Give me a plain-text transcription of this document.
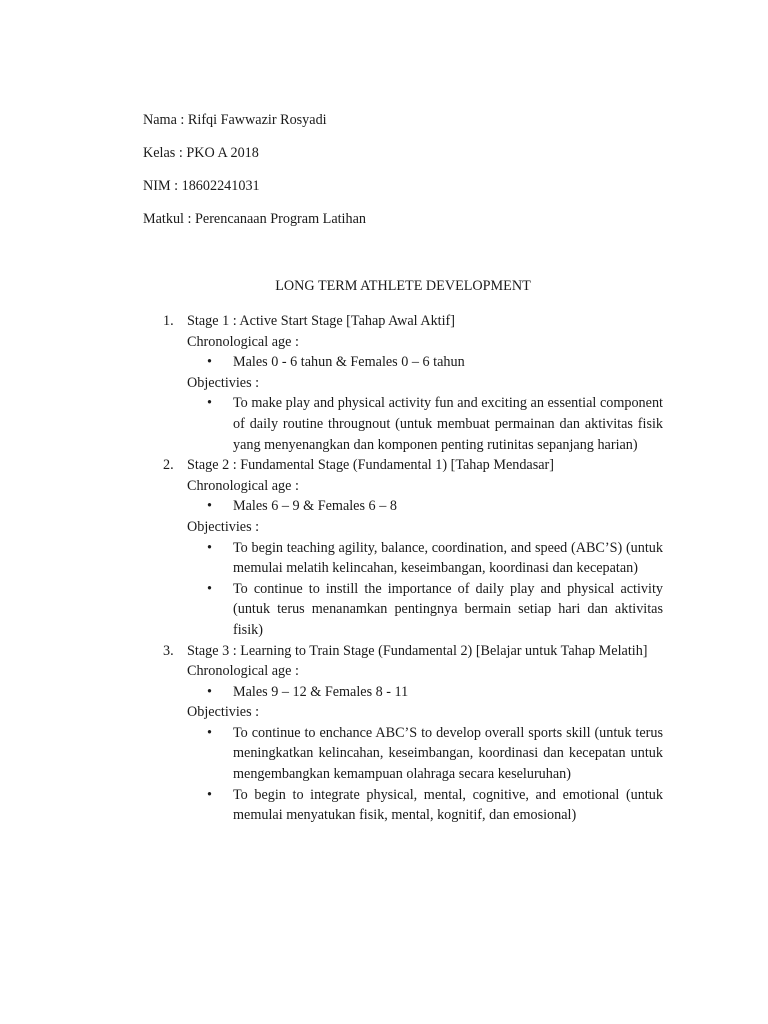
Nama : Rifqi Fawwazir Rosyadi
Kelas : PKO A 2018
NIM : 18602241031
Matkul : Perencanaan Program Latihan
LONG TERM ATHLETE DEVELOPMENT
1. Stage 1 : Active Start Stage [Tahap Awal Aktif]
Chronological age :
• Males 0 - 6 tahun & Females 0 – 6 tahun
Objectivies :
• To make play and physical activity fun and exciting an essential component of daily routine througnout (untuk membuat permainan dan aktivitas fisik yang menyenangkan dan komponen penting rutinitas sepanjang harian)
2. Stage 2 : Fundamental Stage (Fundamental 1) [Tahap Mendasar]
Chronological age :
• Males 6 – 9 & Females 6 – 8
Objectivies :
• To begin teaching agility, balance, coordination, and speed (ABC’S) (untuk memulai melatih kelincahan, keseimbangan, koordinasi dan kecepatan)
• To continue to instill the importance of daily play and physical activity (untuk terus menanamkan pentingnya bermain setiap hari dan aktivitas fisik)
3. Stage 3 : Learning to Train Stage (Fundamental 2) [Belajar untuk Tahap Melatih]
Chronological age :
• Males 9 – 12 & Females 8 - 11
Objectivies :
• To continue to enchance ABC’S to develop overall sports skill (untuk terus meningkatkan kelincahan, keseimbangan, koordinasi dan kecepatan untuk mengembangkan kemampuan olahraga secara keseluruhan)
• To begin to integrate physical, mental, cognitive, and emotional (untuk memulai menyatukan fisik, mental, kognitif, dan emosional)
